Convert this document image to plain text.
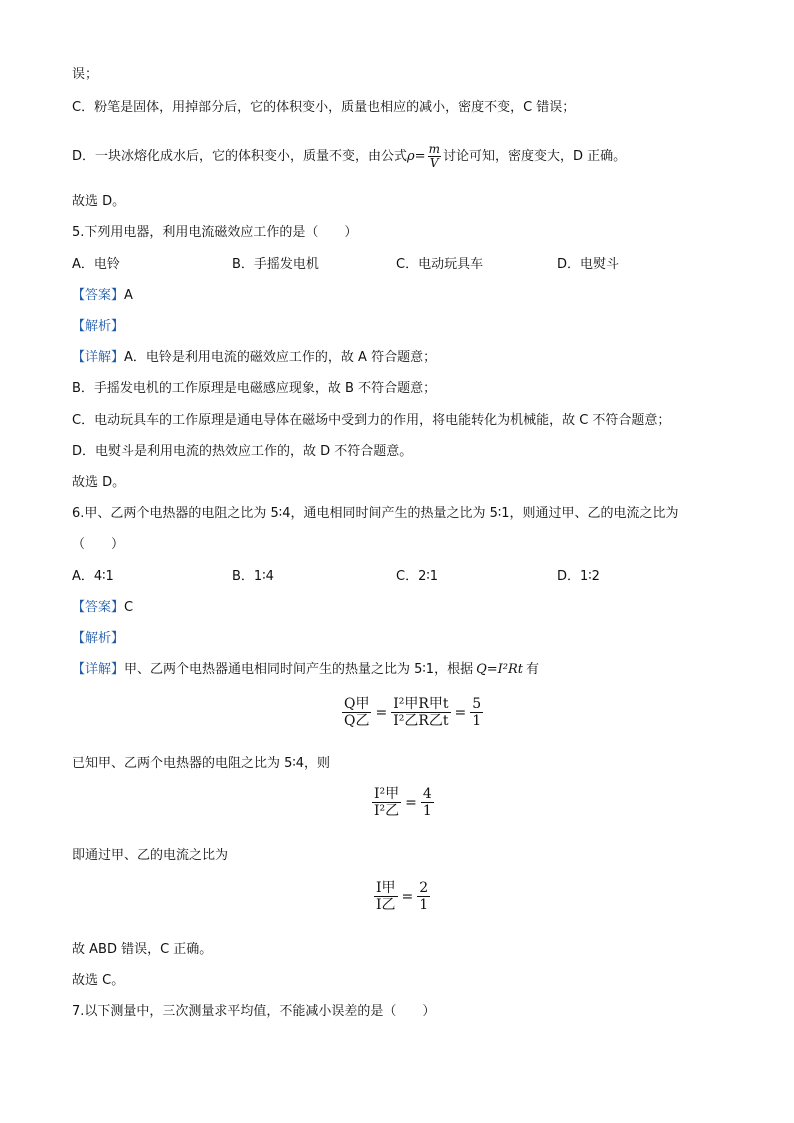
误；
C．粉笔是固体，用掉部分后，它的体积变小，质量也相应的减小，密度不变，C 错误；
D．一块冰熔化成水后，它的体积变小，质量不变，由公式 $\rho= \frac{m}{V}$ 讨论可知，密度变大，D 正确。
故选 D。
5.下列用电器，利用电流磁效应工作的是（　　）
A．电铃	B．手摇发电机	C．电动玩具车	D．电熨斗
【答案】A
【解析】
【详解】A．电铃是利用电流的磁效应工作的，故 A 符合题意；
B．手摇发电机的工作原理是电磁感应现象，故 B 不符合题意；
C．电动玩具车的工作原理是通电导体在磁场中受到力的作用，将电能转化为机械能，故 C 不符合题意；
D．电熨斗是利用电流的热效应工作的，故 D 不符合题意。
故选 D。
6.甲、乙两个电热器的电阻之比为 5∶4，通电相同时间产生的热量之比为 5∶1，则通过甲、乙的电流之比为
（　　）
A．4∶1	B．1∶4	C．2∶1	D．1∶2
【答案】C
【解析】
【详解】甲、乙两个电热器通电相同时间产生的热量之比为 5∶1，根据 Q=I²Rt 有
$\frac{\text{Q甲}}{\text{Q乙}} = \frac{\text{I²甲R甲t}}{\text{I²乙R乙t}} = \frac{5}{1}$
已知甲、乙两个电热器的电阻之比为 5∶4，则
$\frac{\text{I²甲}}{\text{I²乙}} = \frac{4}{1}$
即通过甲、乙的电流之比为
$\frac{\text{I甲}}{\text{I乙}} = \frac{2}{1}$
故 ABD 错误，C 正确。
故选 C。
7.以下测量中，三次测量求平均值，不能减小误差的是（　　）
